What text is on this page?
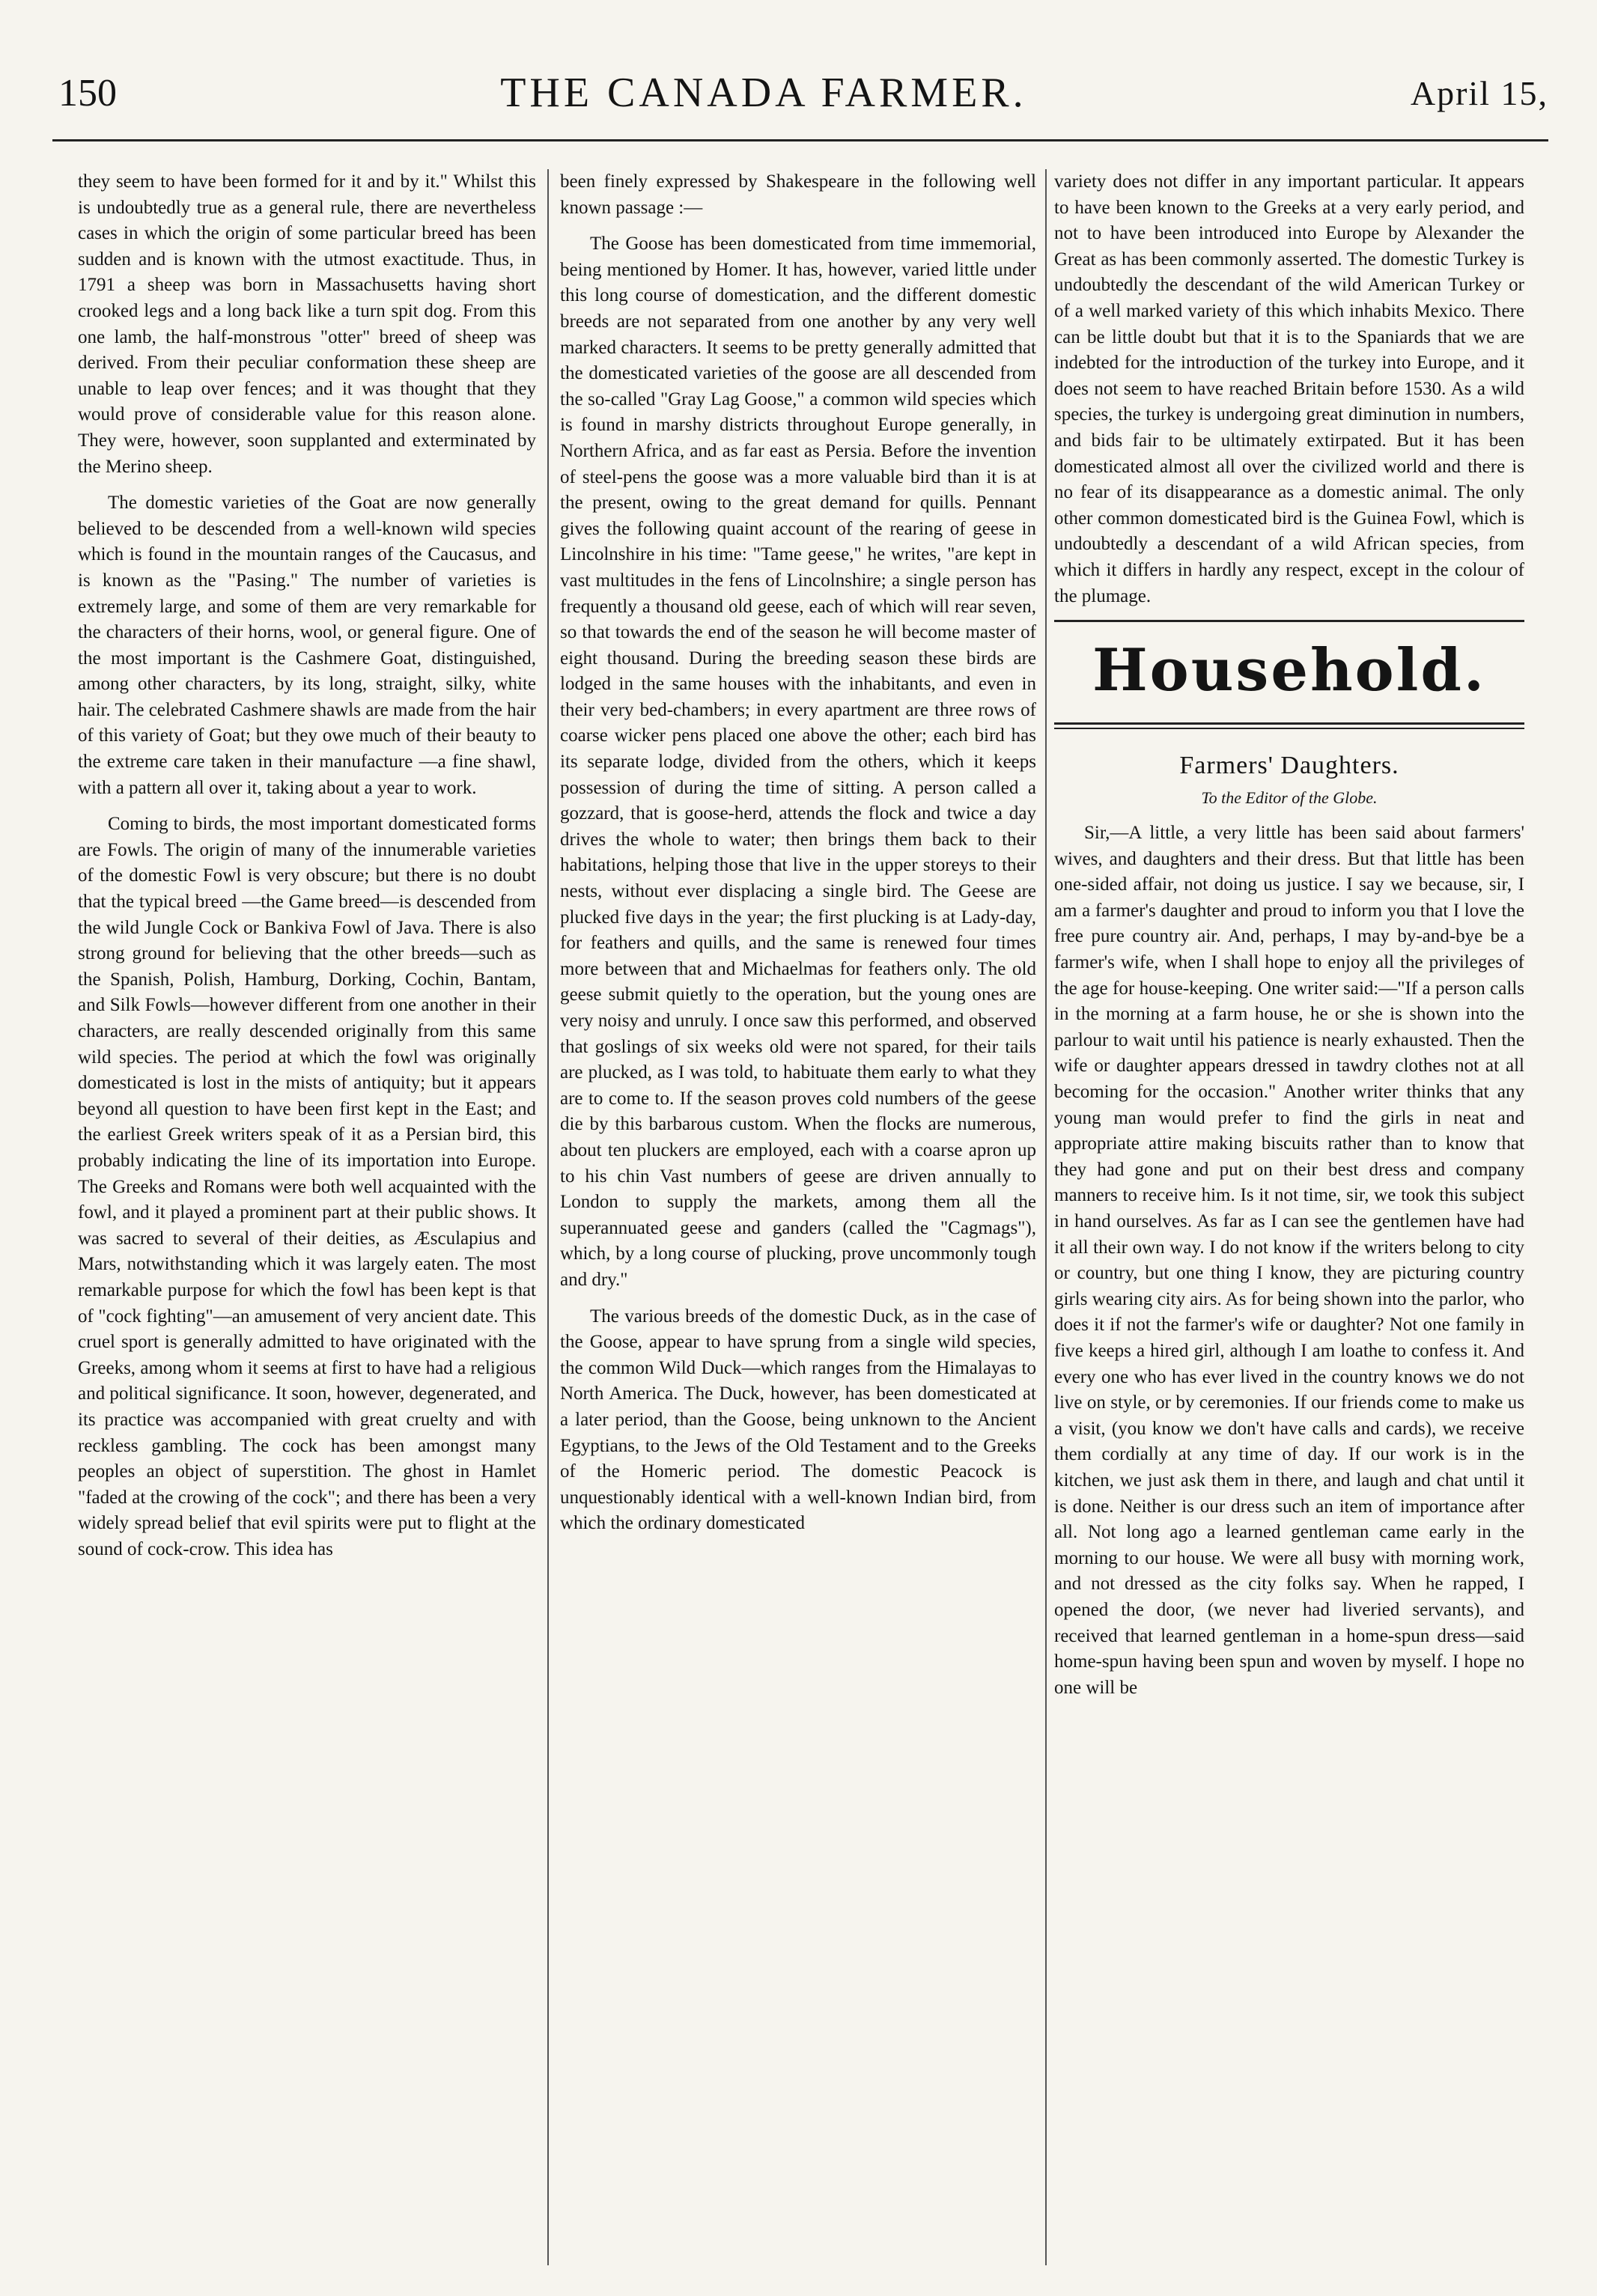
150	THE CANADA FARMER.	April 15,

they seem to have been formed for it and by it." Whilst this is undoubtedly true as a general rule, there are nevertheless cases in which the origin of some particular breed has been sudden and is known with the utmost exactitude. Thus, in 1791 a sheep was born in Massachusetts having short crooked legs and a long back like a turn spit dog. From this one lamb, the half-monstrous "otter" breed of sheep was derived. From their peculiar conformation these sheep are unable to leap over fences; and it was thought that they would prove of considerable value for this reason alone. They were, however, soon supplanted and exterminated by the Merino sheep.

The domestic varieties of the Goat are now generally believed to be descended from a well-known wild species which is found in the mountain ranges of the Caucasus, and is known as the "Pasing." The number of varieties is extremely large, and some of them are very remarkable for the characters of their horns, wool, or general figure. One of the most important is the Cashmere Goat, distinguished, among other characters, by its long, straight, silky, white hair. The celebrated Cashmere shawls are made from the hair of this variety of Goat; but they owe much of their beauty to the extreme care taken in their manufacture —a fine shawl, with a pattern all over it, taking about a year to work.

Coming to birds, the most important domesticated forms are Fowls. The origin of many of the innumerable varieties of the domestic Fowl is very obscure; but there is no doubt that the typical breed —the Game breed—is descended from the wild Jungle Cock or Bankiva Fowl of Java. There is also strong ground for believing that the other breeds—such as the Spanish, Polish, Hamburg, Dorking, Cochin, Bantam, and Silk Fowls—however different from one another in their characters, are really descended originally from this same wild species. The period at which the fowl was originally domesticated is lost in the mists of antiquity; but it appears beyond all question to have been first kept in the East; and the earliest Greek writers speak of it as a Persian bird, this probably indicating the line of its importation into Europe. The Greeks and Romans were both well acquainted with the fowl, and it played a prominent part at their public shows. It was sacred to several of their deities, as Æsculapius and Mars, notwithstanding which it was largely eaten. The most remarkable purpose for which the fowl has been kept is that of "cock fighting"—an amusement of very ancient date. This cruel sport is generally admitted to have originated with the Greeks, among whom it seems at first to have had a religious and political significance. It soon, however, degenerated, and its practice was accompanied with great cruelty and with reckless gambling. The cock has been amongst many peoples an object of superstition. The ghost in Hamlet "faded at the crowing of the cock"; and there has been a very widely spread belief that evil spirits were put to flight at the sound of cock-crow. This idea has

been finely expressed by Shakespeare in the following well known passage :—

The Goose has been domesticated from time immemorial, being mentioned by Homer. It has, however, varied little under this long course of domestication, and the different domestic breeds are not separated from one another by any very well marked characters. It seems to be pretty generally admitted that the domesticated varieties of the goose are all descended from the so-called "Gray Lag Goose," a common wild species which is found in marshy districts throughout Europe generally, in Northern Africa, and as far east as Persia. Before the invention of steel-pens the goose was a more valuable bird than it is at the present, owing to the great demand for quills. Pennant gives the following quaint account of the rearing of geese in Lincolnshire in his time: "Tame geese," he writes, "are kept in vast multitudes in the fens of Lincolnshire; a single person has frequently a thousand old geese, each of which will rear seven, so that towards the end of the season he will become master of eight thousand. During the breeding season these birds are lodged in the same houses with the inhabitants, and even in their very bed-chambers; in every apartment are three rows of coarse wicker pens placed one above the other; each bird has its separate lodge, divided from the others, which it keeps possession of during the time of sitting. A person called a gozzard, that is goose-herd, attends the flock and twice a day drives the whole to water; then brings them back to their habitations, helping those that live in the upper storeys to their nests, without ever displacing a single bird. The Geese are plucked five days in the year; the first plucking is at Lady-day, for feathers and quills, and the same is renewed four times more between that and Michaelmas for feathers only. The old geese submit quietly to the operation, but the young ones are very noisy and unruly. I once saw this performed, and observed that goslings of six weeks old were not spared, for their tails are plucked, as I was told, to habituate them early to what they are to come to. If the season proves cold numbers of the geese die by this barbarous custom. When the flocks are numerous, about ten pluckers are employed, each with a coarse apron up to his chin Vast numbers of geese are driven annually to London to supply the markets, among them all the superannuated geese and ganders (called the "Cagmags"), which, by a long course of plucking, prove uncommonly tough and dry."

The various breeds of the domestic Duck, as in the case of the Goose, appear to have sprung from a single wild species, the common Wild Duck—which ranges from the Himalayas to North America. The Duck, however, has been domesticated at a later period, than the Goose, being unknown to the Ancient Egyptians, to the Jews of the Old Testament and to the Greeks of the Homeric period. The domestic Peacock is unquestionably identical with a well-known Indian bird, from which the ordinary domesticated

variety does not differ in any important particular. It appears to have been known to the Greeks at a very early period, and not to have been introduced into Europe by Alexander the Great as has been commonly asserted. The domestic Turkey is undoubtedly the descendant of the wild American Turkey or of a well marked variety of this which inhabits Mexico. There can be little doubt but that it is to the Spaniards that we are indebted for the introduction of the turkey into Europe, and it does not seem to have reached Britain before 1530. As a wild species, the turkey is undergoing great diminution in numbers, and bids fair to be ultimately extirpated. But it has been domesticated almost all over the civilized world and there is no fear of its disappearance as a domestic animal. The only other common domesticated bird is the Guinea Fowl, which is undoubtedly a descendant of a wild African species, from which it differs in hardly any respect, except in the colour of the plumage.

Household.
Farmers' Daughters.
To the Editor of the Globe.

Sir,—A little, a very little has been said about farmers' wives, and daughters and their dress. But that little has been one-sided affair, not doing us justice. I say we because, sir, I am a farmer's daughter and proud to inform you that I love the free pure country air. And, perhaps, I may by-and-bye be a farmer's wife, when I shall hope to enjoy all the privileges of the age for house-keeping. One writer said:—"If a person calls in the morning at a farm house, he or she is shown into the parlour to wait until his patience is nearly exhausted. Then the wife or daughter appears dressed in tawdry clothes not at all becoming for the occasion." Another writer thinks that any young man would prefer to find the girls in neat and appropriate attire making biscuits rather than to know that they had gone and put on their best dress and company manners to receive him. Is it not time, sir, we took this subject in hand ourselves. As far as I can see the gentlemen have had it all their own way. I do not know if the writers belong to city or country, but one thing I know, they are picturing country girls wearing city airs. As for being shown into the parlor, who does it if not the farmer's wife or daughter? Not one family in five keeps a hired girl, although I am loathe to confess it. And every one who has ever lived in the country knows we do not live on style, or by ceremonies. If our friends come to make us a visit, (you know we don't have calls and cards), we receive them cordially at any time of day. If our work is in the kitchen, we just ask them in there, and laugh and chat until it is done. Neither is our dress such an item of importance after all. Not long ago a learned gentleman came early in the morning to our house. We were all busy with morning work, and not dressed as the city folks say. When he rapped, I opened the door, (we never had liveried servants), and received that learned gentleman in a home-spun dress—said home-spun having been spun and woven by myself. I hope no one will be
